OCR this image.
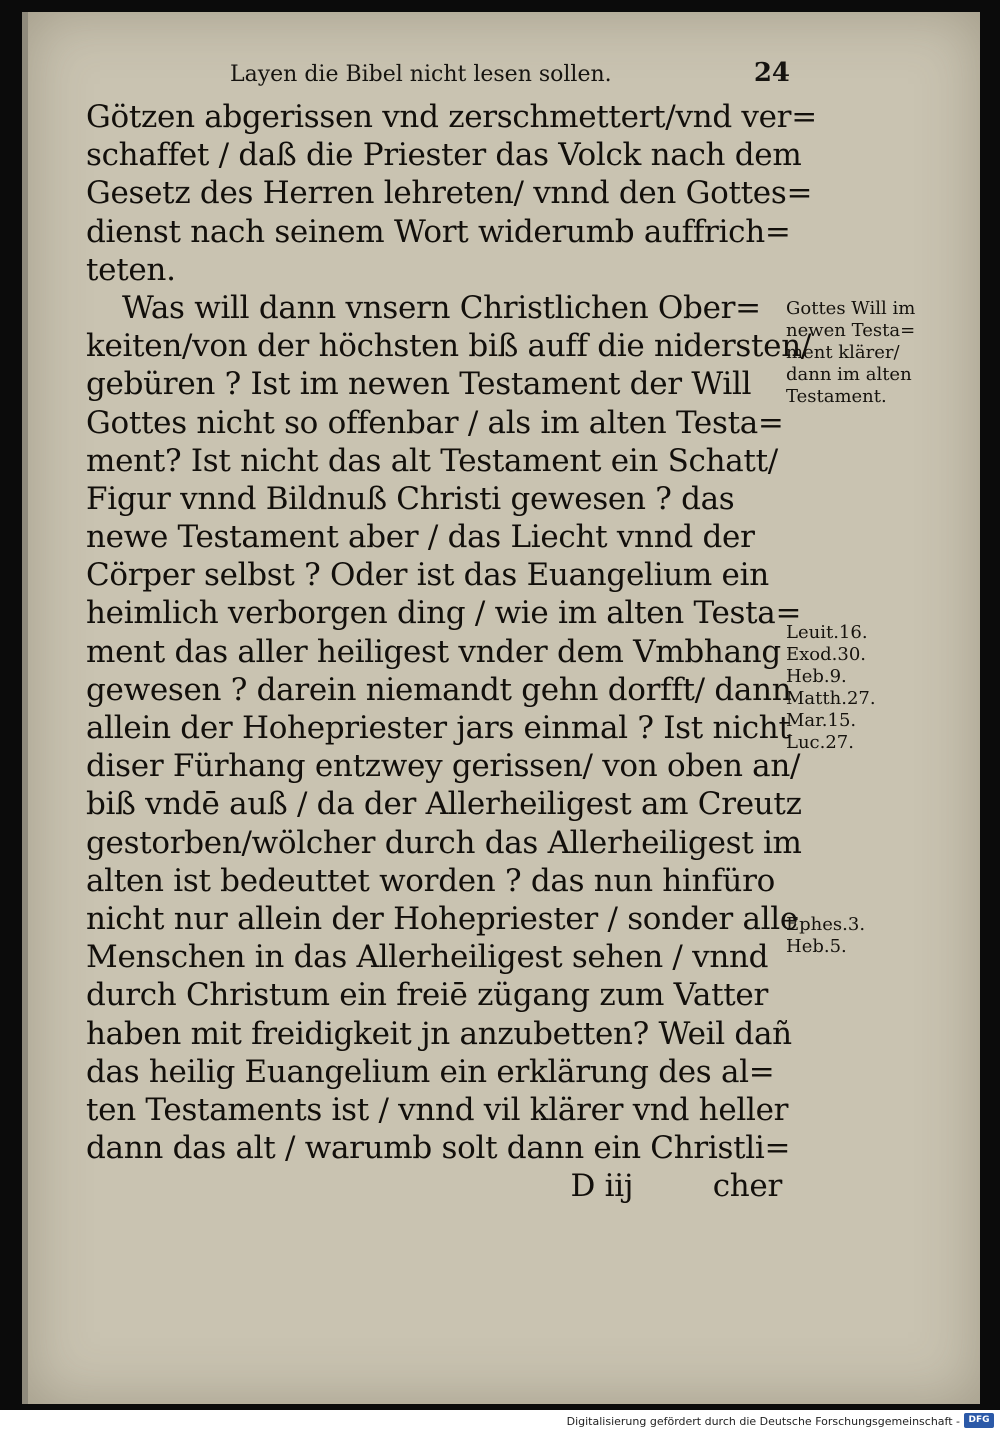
Layen die Bibel nicht lesen sollen.	24
Götzen abgerissen vnd zerschmettert/vnd ver=
schaffet / daß die Priester das Volck nach dem
Gesetz des Herren lehreten/ vnnd den Gottes=
dienst nach seinem Wort widerumb auffrich=
teten.
Was will dann vnsern Christlichen Ober=
keiten/von der höchsten biß auff die nidersten/
gebüren ? Ist im newen Testament der Will
Gottes nicht so offenbar / als im alten Testa=
ment? Ist nicht das alt Testament ein Schatt/
Figur vnnd Bildnuß Christi gewesen ? das
newe Testament aber / das Liecht vnnd der
Cörper selbst ? Oder ist das Euangelium ein
heimlich verborgen ding / wie im alten Testa=
ment das aller heiligest vnder dem Vmbhang
gewesen ? darein niemandt gehn dorfft/ dann
allein der Hohepriester jars einmal ? Ist nicht
diser Fürhang entzwey gerissen/ von oben an/
biß vndē auß / da der Allerheiligest am Creutz
gestorben/wölcher durch das Allerheiligest im
alten ist bedeuttet worden ? das nun hinfüro
nicht nur allein der Hohepriester / sonder alle
Menschen in das Allerheiligest sehen / vnnd
durch Christum ein freiē zügang zum Vatter
haben mit freidigkeit jn anzubetten? Weil dañ
das heilig Euangelium ein erklärung des al=
ten Testaments ist / vnnd vil klärer vnd heller
dann das alt / warumb solt dann ein Christli=
D iij	cher
Gottes Will im
newen Testa=
ment klärer/
dann im alten
Testament.
Leuit.16.
Exod.30.
Heb.9.
Matth.27.
Mar.15.
Luc.27.
Ephes.3.
Heb.5.
Digitalisierung gefördert durch die Deutsche Forschungsgemeinschaft - DFG
